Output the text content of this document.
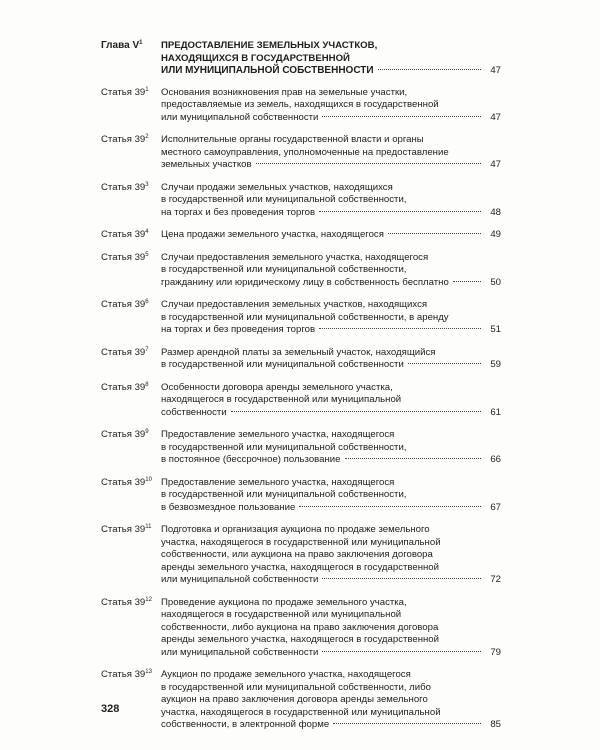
Глава $V^1$	ПРЕДОСТАВЛЕНИЕ ЗЕМЕЛЬНЫХ УЧАСТКОВ,
НАХОДЯЩИХСЯ В ГОСУДАРСТВЕННОЙ
ИЛИ МУНИЦИПАЛЬНОЙ СОБСТВЕННОСТИ	47
Статья $39^1$	Основания возникновения прав на земельные участки,
предоставляемые из земель, находящихся в государственной
или муниципальной собственности	47
Статья $39^2$	Исполнительные органы государственной власти и органы
местного самоуправления, уполномоченные на предоставление
земельных участков	47
Статья $39^3$	Случаи продажи земельных участков, находящихся
в государственной или муниципальной собственности,
на торгах и без проведения торгов	48
Статья $39^4$	Цена продажи земельного участка, находящегося	49
Статья $39^5$	Случаи предоставления земельного участка, находящегося
в государственной или муниципальной собственности,
гражданину или юридическому лицу в собственность бесплатно	50
Статья $39^6$	Случаи предоставления земельных участков, находящихся
в государственной или муниципальной собственности, в аренду
на торгах и без проведения торгов	51
Статья $39^7$	Размер арендной платы за земельный участок, находящийся
в государственной или муниципальной собственности	59
Статья $39^8$	Особенности договора аренды земельного участка,
находящегося в государственной или муниципальной
собственности	61
Статья $39^9$	Предоставление земельного участка, находящегося
в государственной или муниципальной собственности,
в постоянное (бессрочное) пользование	66
Статья $39^{10}$ Предоставление земельного участка, находящегося
в государственной или муниципальной собственности,
в безвозмездное пользование	67
Статья $39^{11}$ Подготовка и организация аукциона по продаже земельного
участка, находящегося в государственной или муниципальной
собственности, или аукциона на право заключения договора
аренды земельного участка, находящегося в государственной
или муниципальной собственности	72
Статья $39^{12}$ Проведение аукциона по продаже земельного участка,
находящегося в государственной или муниципальной
собственности, либо аукциона на право заключения договора
аренды земельного участка, находящегося в государственной
или муниципальной собственности	79
Статья $39^{13}$ Аукцион по продаже земельного участка, находящегося
в государственной или муниципальной собственности, либо
аукцион на право заключения договора аренды земельного
участка, находящегося в государственной или муниципальной
собственности, в электронной форме	85
328
